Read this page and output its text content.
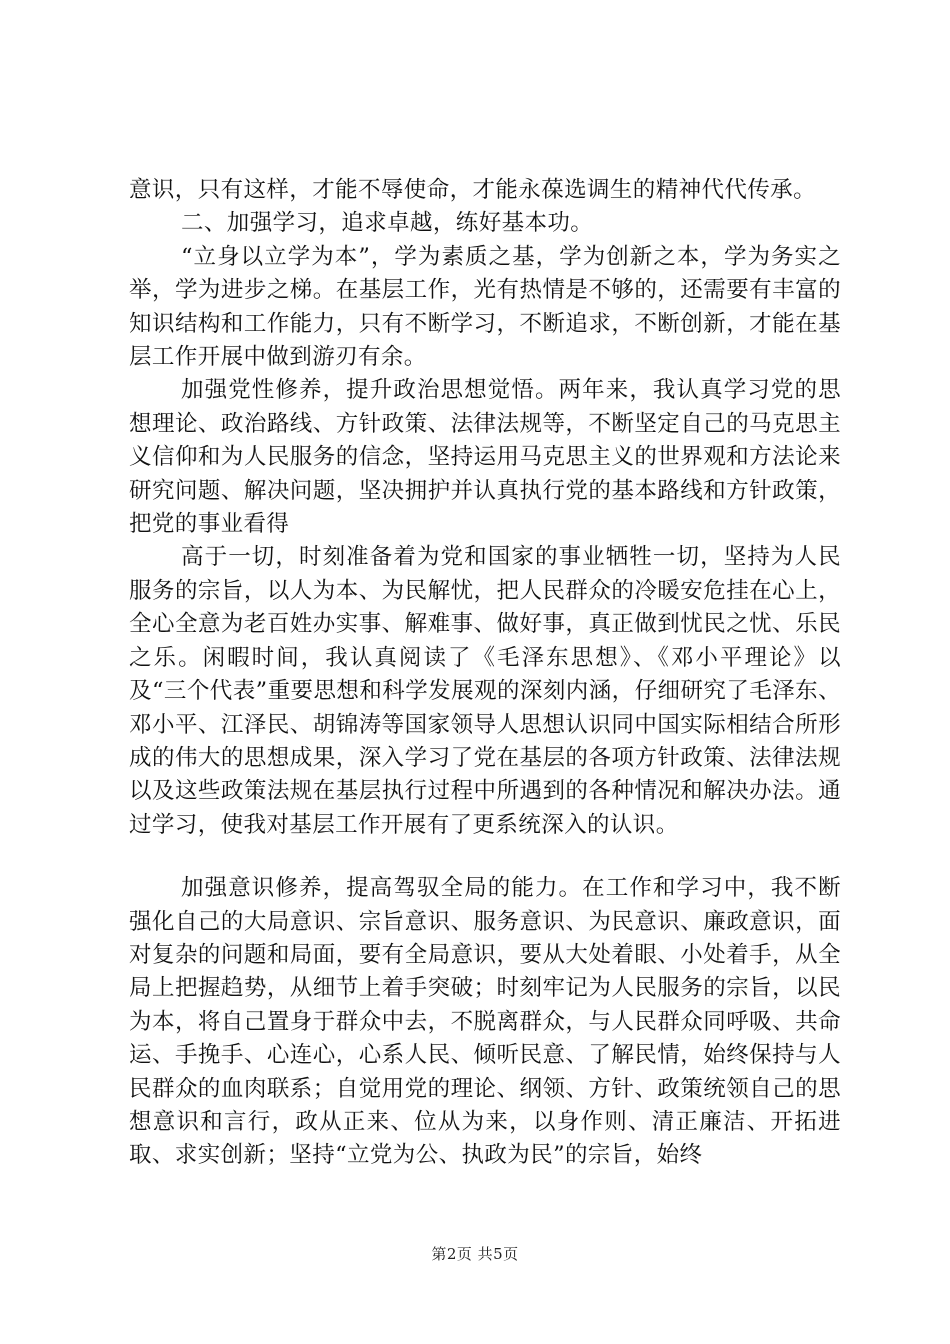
意识，只有这样，才能不辱使命，才能永葆选调生的精神代代传承。

二、加强学习，追求卓越，练好基本功。

“立身以立学为本”，学为素质之基，学为创新之本，学为务实之举，学为进步之梯。在基层工作，光有热情是不够的，还需要有丰富的知识结构和工作能力，只有不断学习，不断追求，不断创新，才能在基层工作开展中做到游刃有余。

加强党性修养，提升政治思想觉悟。两年来，我认真学习党的思想理论、政治路线、方针政策、法律法规等，不断坚定自己的马克思主义信仰和为人民服务的信念，坚持运用马克思主义的世界观和方法论来研究问题、解决问题，坚决拥护并认真执行党的基本路线和方针政策，把党的事业看得

高于一切，时刻准备着为党和国家的事业牺牲一切，坚持为人民服务的宗旨，以人为本、为民解忧，把人民群众的冷暖安危挂在心上，全心全意为老百姓办实事、解难事、做好事，真正做到忧民之忧、乐民之乐。闲暇时间，我认真阅读了《毛泽东思想》、《邓小平理论》以及“三个代表”重要思想和科学发展观的深刻内涵，仔细研究了毛泽东、邓小平、江泽民、胡锦涛等国家领导人思想认识同中国实际相结合所形成的伟大的思想成果，深入学习了党在基层的各项方针政策、法律法规以及这些政策法规在基层执行过程中所遇到的各种情况和解决办法。通过学习，使我对基层工作开展有了更系统深入的认识。

加强意识修养，提高驾驭全局的能力。在工作和学习中，我不断强化自己的大局意识、宗旨意识、服务意识、为民意识、廉政意识，面对复杂的问题和局面，要有全局意识，要从大处着眼、小处着手，从全局上把握趋势，从细节上着手突破；时刻牢记为人民服务的宗旨，以民为本，将自己置身于群众中去，不脱离群众，与人民群众同呼吸、共命运、手挽手、心连心，心系人民、倾听民意、了解民情，始终保持与人民群众的血肉联系；自觉用党的理论、纲领、方针、政策统领自己的思想意识和言行，政从正来、位从为来，以身作则、清正廉洁、开拓进取、求实创新；坚持“立党为公、执政为民”的宗旨，始终

第2页 共5页
